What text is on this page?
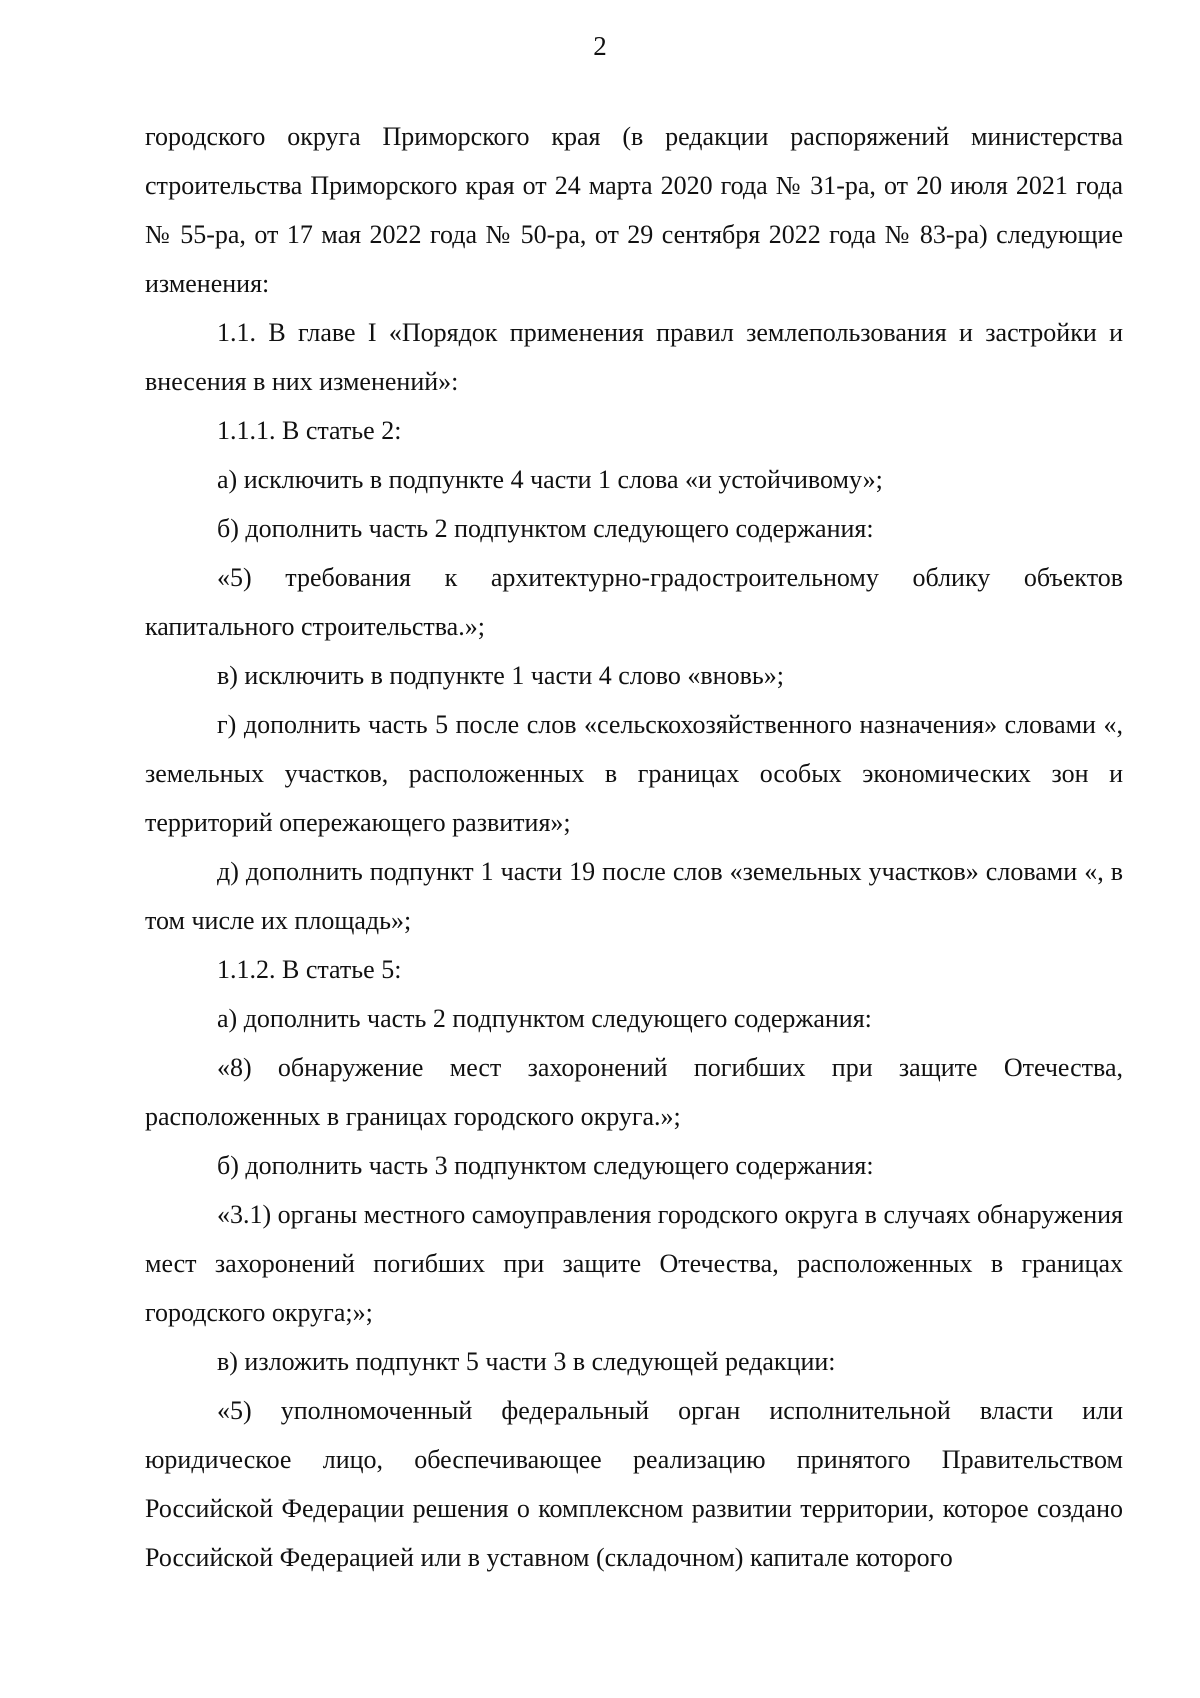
2

городского округа Приморского края (в редакции распоряжений министерства строительства Приморского края от 24 марта 2020 года № 31-ра, от 20 июля 2021 года № 55-ра, от 17 мая 2022 года № 50-ра, от 29 сентября 2022 года № 83-ра) следующие изменения:

1.1. В главе I «Порядок применения правил землепользования и застройки и внесения в них изменений»:

1.1.1. В статье 2:

а) исключить в подпункте 4 части 1 слова «и устойчивому»;

б) дополнить часть 2 подпунктом следующего содержания:

«5) требования к архитектурно-градостроительному облику объектов капитального строительства.»;

в) исключить в подпункте 1 части 4 слово «вновь»;

г) дополнить часть 5 после слов «сельскохозяйственного назначения» словами «, земельных участков, расположенных в границах особых экономических зон и территорий опережающего развития»;

д) дополнить подпункт 1 части 19 после слов «земельных участков» словами «, в том числе их площадь»;

1.1.2. В статье 5:

а) дополнить часть 2 подпунктом следующего содержания:

«8) обнаружение мест захоронений погибших при защите Отечества, расположенных в границах городского округа.»;

б) дополнить часть 3 подпунктом следующего содержания:

«3.1) органы местного самоуправления городского округа в случаях обнаружения мест захоронений погибших при защите Отечества, расположенных в границах городского округа;»;

в) изложить подпункт 5 части 3 в следующей редакции:

«5) уполномоченный федеральный орган исполнительной власти или юридическое лицо, обеспечивающее реализацию принятого Правительством Российской Федерации решения о комплексном развитии территории, которое создано Российской Федерацией или в уставном (складочном) капитале которого
